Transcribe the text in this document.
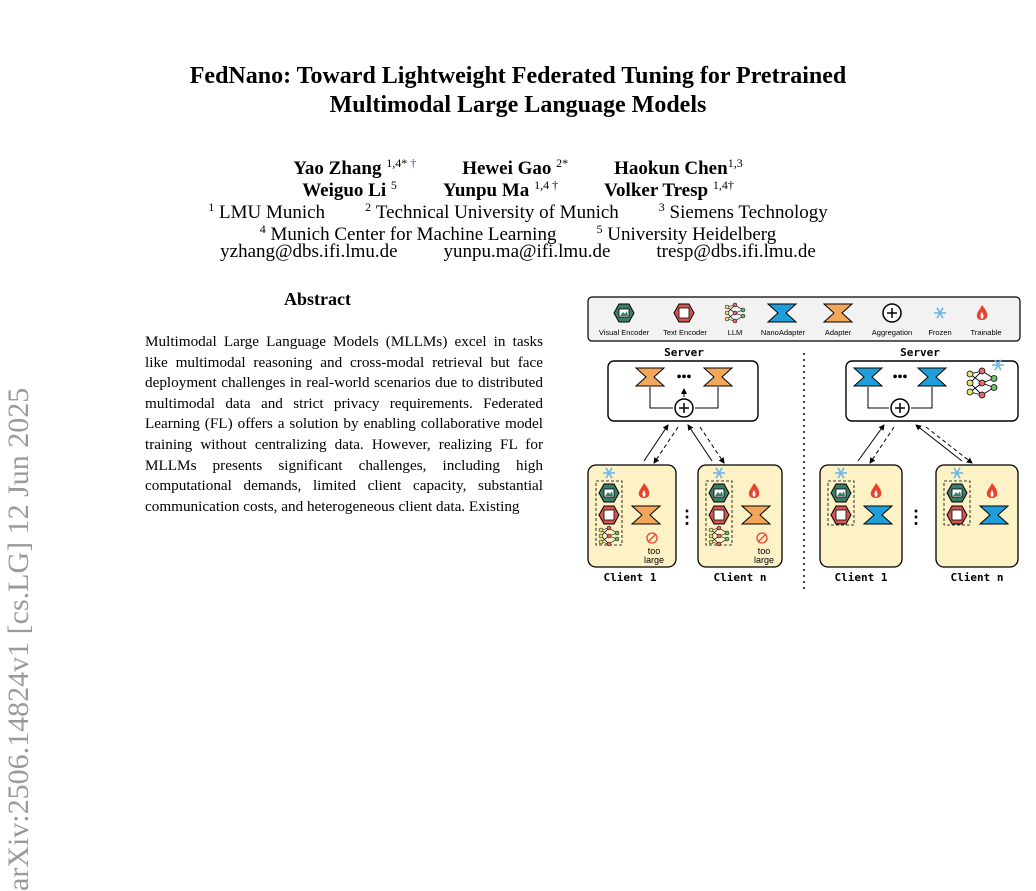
arXiv:2506.14824v1 [cs.LG] 12 Jun 2025
FedNano: Toward Lightweight Federated Tuning for Pretrained
Multimodal Large Language Models
Yao Zhang $^{1,4*}$ † Hewei Gao $^{2*}$ Haokun Chen$^{1,3}$
Weiguo Li $^5$ Yunpu Ma $^{1,4}$ † Volker Tresp $^{1,4\dagger}$
$^1$ LMU Munich	$^2$ Technical University of Munich	$^3$ Siemens Technology
$^4$ Munich Center for Machine Learning	$^5$ University Heidelberg
yzhang@dbs.ifi.lmu.de yunpu.ma@ifi.lmu.de tresp@dbs.ifi.lmu.de
Abstract

Multimodal Large Language Models (MLLMs) excel in tasks like multimodal reasoning and cross-modal retrieval but face deployment challenges in real-world scenarios due to distributed multimodal data and strict privacy requirements. Federated Learning (FL) offers a solution by enabling collaborative model training without centralizing data. However, realizing FL for MLLMs presents significant challenges, including high computational demands, limited client capacity, substantial communication costs, and heterogeneous client data. Existing

Visual Encoder Text Encoder	LLM NanoAdapter	Adapter	Aggregation Frozen	Trainable
Server
•••
Server
•••
too
large
Client 1
⋮
too
large
Client n	Client 1
⋮
Client n
